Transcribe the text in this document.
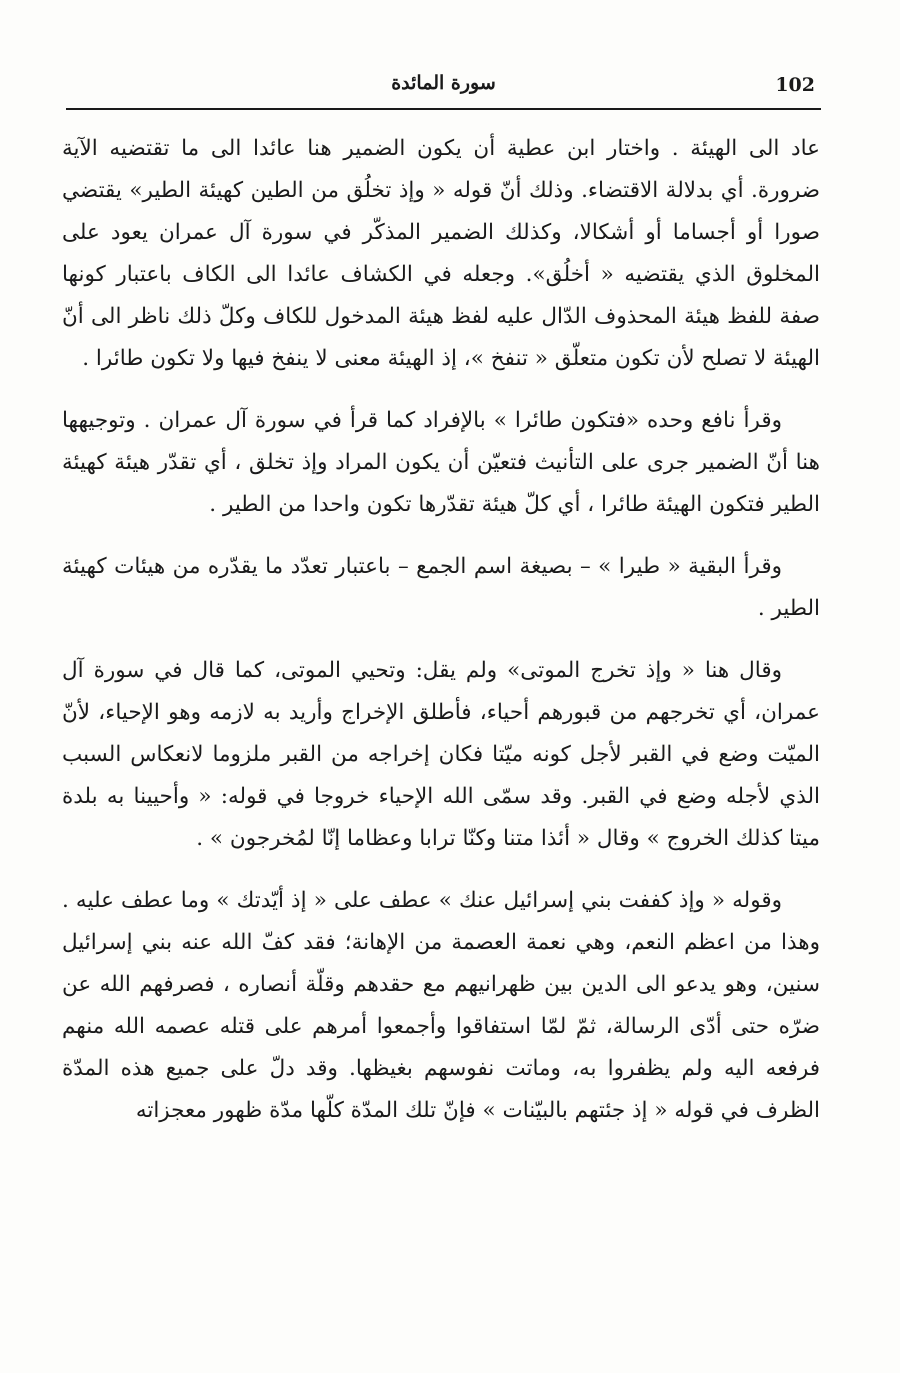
102
سورة المائدة

عاد الى الهيئة . واختار ابن عطية أن يكون الضمير هنا عائدا الى ما تقتضيه الآية ضرورة. أي بدلالة الاقتضاء. وذلك أنّ قوله « وإذ تخلُق من الطين كهيئة الطير» يقتضي صورا أو أجساما أو أشكالا، وكذلك الضمير المذكّر في سورة آل عمران يعود على المخلوق الذي يقتضيه « أخلُق». وجعله في الكشاف عائدا الى الكاف باعتبار كونها صفة للفظ هيئة المحذوف الدّال عليه لفظ هيئة المدخول للكاف وكلّ ذلك ناظر الى أنّ الهيئة لا تصلح لأن تكون متعلّق « تنفخ »، إذ الهيئة معنى لا ينفخ فيها ولا تكون طائرا .

وقرأ نافع وحده «فتكون طائرا » بالإفراد كما قرأ في سورة آل عمران . وتوجيهها هنا أنّ الضمير جرى على التأنيث فتعيّن أن يكون المراد وإذ تخلق ، أي تقدّر هيئة كهيئة الطير فتكون الهيئة طائرا ، أي كلّ هيئة تقدّرها تكون واحدا من الطير .

وقرأ البقية « طيرا » – بصيغة اسم الجمع – باعتبار تعدّد ما يقدّره من هيئات كهيئة الطير .

وقال هنا « وإذ تخرج الموتى» ولم يقل: وتحيي الموتى، كما قال في سورة آل عمران، أي تخرجهم من قبورهم أحياء، فأطلق الإخراج وأريد به لازمه وهو الإحياء، لأنّ الميّت وضع في القبر لأجل كونه ميّتا فكان إخراجه من القبر ملزوما لانعكاس السبب الذي لأجله وضع في القبر. وقد سمّى الله الإحياء خروجا في قوله: « وأحيينا به بلدة ميتا كذلك الخروج » وقال « أئذا متنا وكنّا ترابا وعظاما إنّا لمُخرجون » .

وقوله « وإذ كففت بني إسرائيل عنك » عطف على « إذ أيّدتك » وما عطف عليه . وهذا من اعظم النعم، وهي نعمة العصمة من الإهانة؛ فقد كفّ الله عنه بني إسرائيل سنين، وهو يدعو الى الدين بين ظهرانيهم مع حقدهم وقلّة أنصاره ، فصرفهم الله عن ضرّه حتى أدّى الرسالة، ثمّ لمّا استفاقوا وأجمعوا أمرهم على قتله عصمه الله منهم فرفعه اليه ولم يظفروا به، وماتت نفوسهم بغيظها. وقد دلّ على جميع هذه المدّة الظرف في قوله « إذ جئتهم بالبيّنات » فإنّ تلك المدّة كلّها مدّة ظهور معجزاته
